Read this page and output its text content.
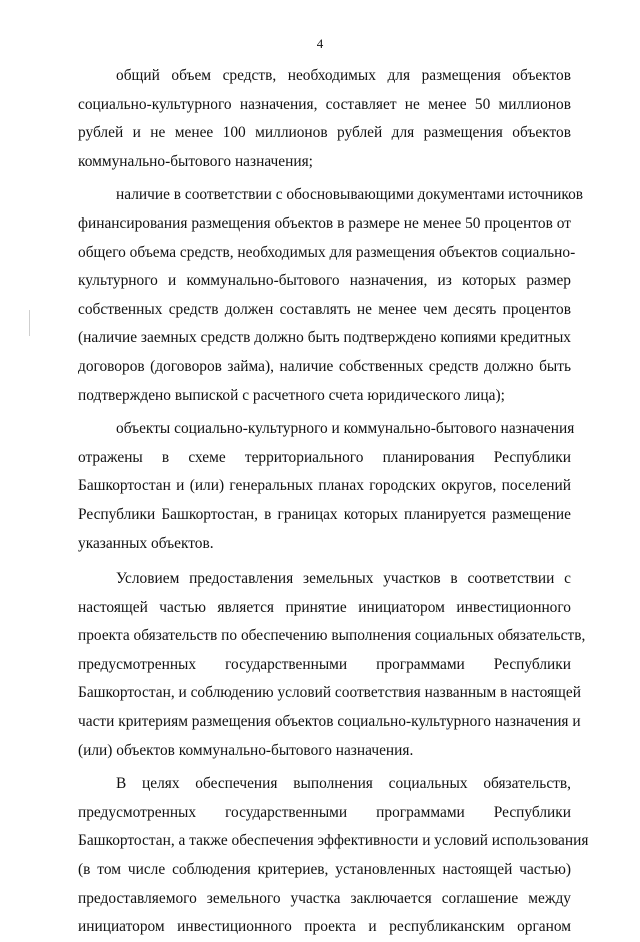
4
общий объем средств, необходимых для размещения объектов
социально-культурного назначения, составляет не менее 50 миллионов
рублей и не менее 100 миллионов рублей для размещения объектов
коммунально-бытового назначения;
наличие в соответствии с обосновывающими документами источников
финансирования размещения объектов в размере не менее 50 процентов от
общего объема средств, необходимых для размещения объектов социально-
культурного и коммунально-бытового назначения, из которых размер
собственных средств должен составлять не менее чем десять процентов
(наличие заемных средств должно быть подтверждено копиями кредитных
договоров (договоров займа), наличие собственных средств должно быть
подтверждено выпиской с расчетного счета юридического лица);
объекты социально-культурного и коммунально-бытового назначения
отражены в схеме территориального планирования Республики
Башкортостан и (или) генеральных планах городских округов, поселений
Республики Башкортостан, в границах которых планируется размещение
указанных объектов.
Условием предоставления земельных участков в соответствии с
настоящей частью является принятие инициатором инвестиционного
проекта обязательств по обеспечению выполнения социальных обязательств,
предусмотренных государственными программами Республики
Башкортостан, и соблюдению условий соответствия названным в настоящей
части критериям размещения объектов социально-культурного назначения и
(или) объектов коммунально-бытового назначения.
В целях обеспечения выполнения социальных обязательств,
предусмотренных государственными программами Республики
Башкортостан, а также обеспечения эффективности и условий использования
(в том числе соблюдения критериев, установленных настоящей частью)
предоставляемого земельного участка заключается соглашение между
инициатором инвестиционного проекта и республиканским органом
